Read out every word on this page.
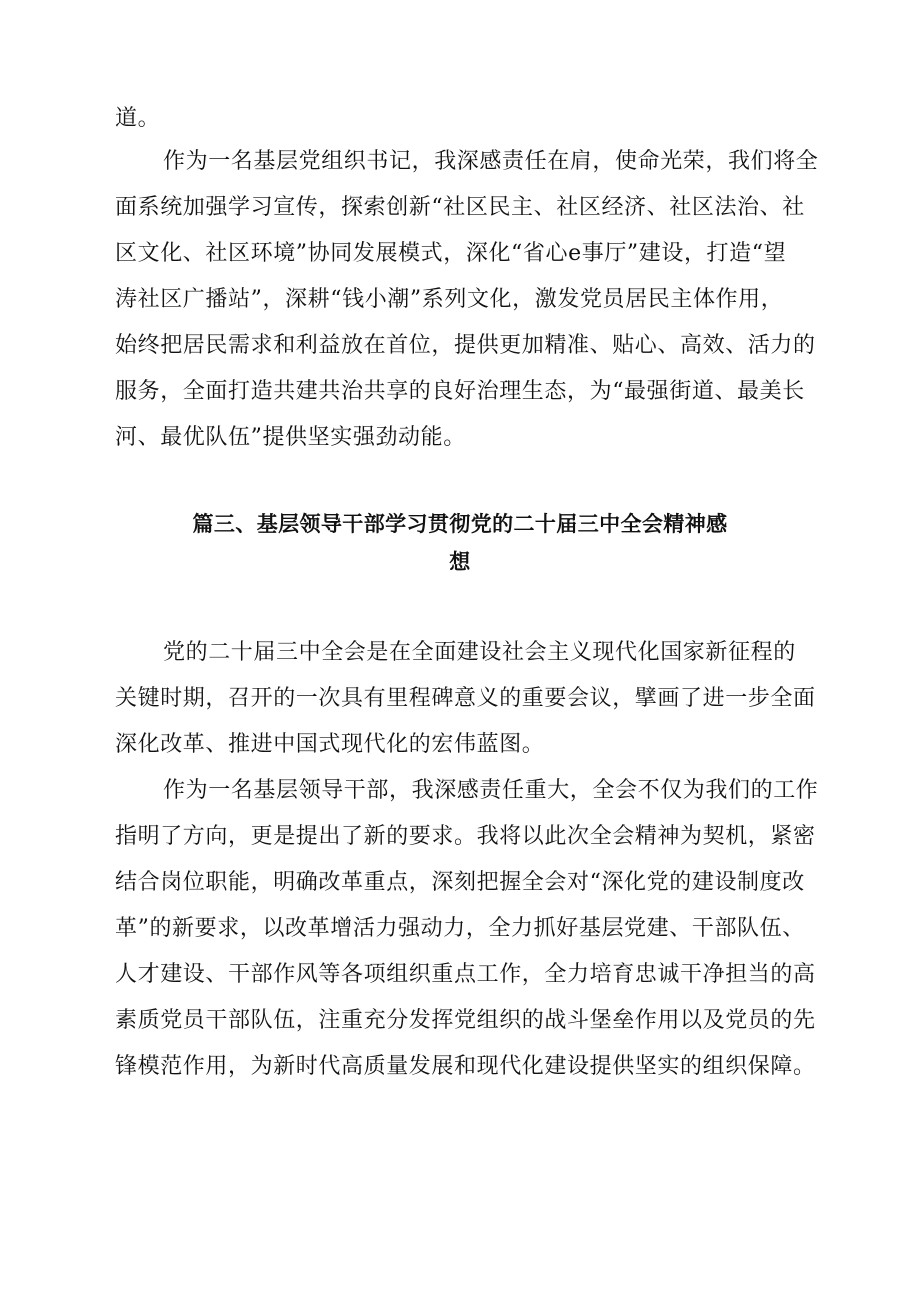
道。
作为一名基层党组织书记，我深感责任在肩，使命光荣，我们将全
面系统加强学习宣传，探索创新“社区民主、社区经济、社区法治、社
区文化、社区环境”协同发展模式，深化“省心e事厅”建设，打造“望
涛社区广播站”，深耕“钱小潮”系列文化，激发党员居民主体作用，
始终把居民需求和利益放在首位，提供更加精准、贴心、高效、活力的
服务，全面打造共建共治共享的良好治理生态，为“最强街道、最美长
河、最优队伍”提供坚实强劲动能。
篇三、基层领导干部学习贯彻党的二十届三中全会精神感
想
党的二十届三中全会是在全面建设社会主义现代化国家新征程的
关键时期，召开的一次具有里程碑意义的重要会议，擘画了进一步全面
深化改革、推进中国式现代化的宏伟蓝图。
作为一名基层领导干部，我深感责任重大，全会不仅为我们的工作
指明了方向，更是提出了新的要求。我将以此次全会精神为契机，紧密
结合岗位职能，明确改革重点，深刻把握全会对“深化党的建设制度改
革”的新要求，以改革增活力强动力，全力抓好基层党建、干部队伍、
人才建设、干部作风等各项组织重点工作，全力培育忠诚干净担当的高
素质党员干部队伍，注重充分发挥党组织的战斗堡垒作用以及党员的先
锋模范作用，为新时代高质量发展和现代化建设提供坚实的组织保障。
